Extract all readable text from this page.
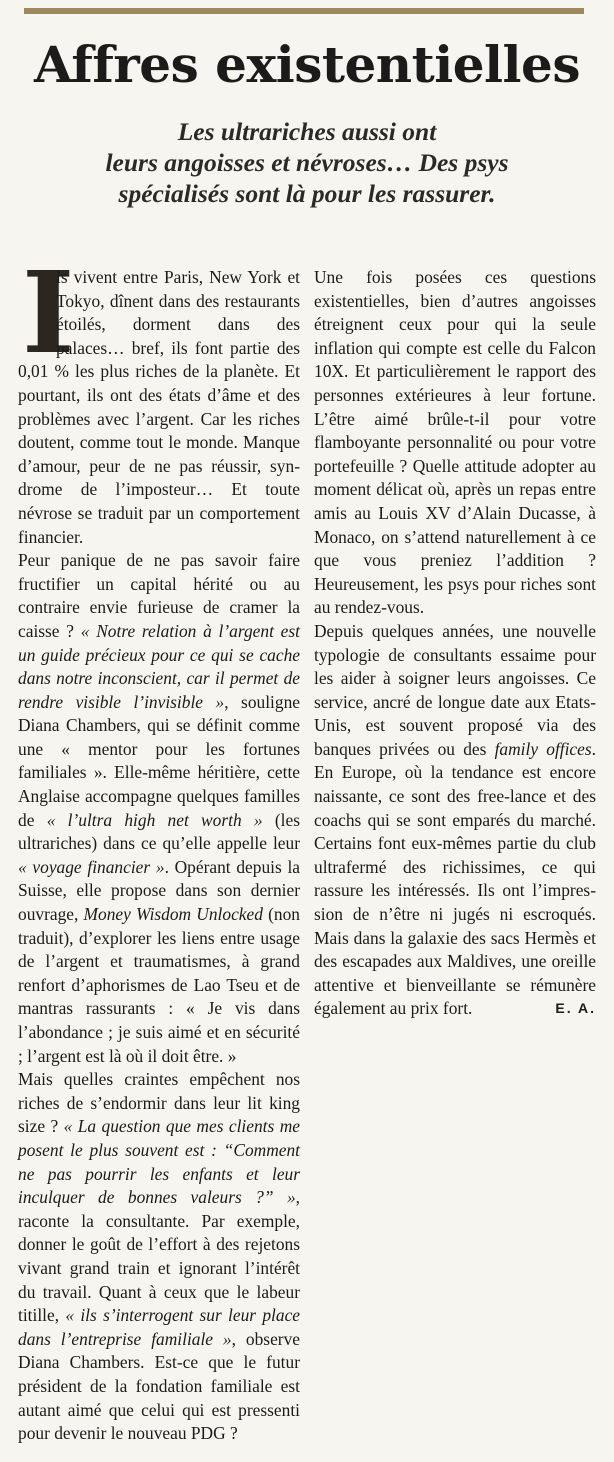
Affres existentielles
Les ultrariches aussi ont
leurs angoisses et névroses… Des psys
spécialisés sont là pour les rassurer.

I
ls vivent entre Paris, New York et Tokyo, dînent dans des restaurants étoilés, dorment dans des palaces… bref, ils font partie des 0,01 % les plus riches de la planète. Et pourtant, ils ont des états d’âme et des problèmes avec l’argent. Car les riches doutent, comme tout le monde. Manque d’amour, peur de ne pas réussir, syndrome de l’imposteur… Et toute névrose se traduit par un comportement financier.

Peur panique de ne pas savoir faire fructifier un capital hérité ou au contraire envie furieuse de cramer la caisse ? « Notre relation à l’argent est un guide précieux pour ce qui se cache dans notre inconscient, car il permet de rendre visible l’invisible », souligne Diana Chambers, qui se définit comme une « mentor pour les fortunes familiales ». Elle-même héritière, cette Anglaise accompagne quelques familles de « l’ultra high net worth » (les ultrariches) dans ce qu’elle appelle leur « voyage financier ». Opérant depuis la Suisse, elle propose dans son dernier ouvrage, Money Wisdom Unlocked (non traduit), d’explorer les liens entre usage de l’argent et traumatismes, à grand renfort d’aphorismes de Lao Tseu et de mantras rassurants : « Je vis dans l’abondance ; je suis aimé et en sécurité ; l’argent est là où il doit être. »

Mais quelles craintes empêchent nos riches de s’endormir dans leur lit king size ? « La question que mes clients me posent le plus souvent est : “Comment ne pas pourrir les enfants et leur inculquer de bonnes valeurs ?” », raconte la consultante. Par exemple, donner le goût de l’effort à des rejetons vivant grand train et ignorant l’intérêt du travail. Quant à ceux que le labeur titille, « ils s’interrogent sur leur place dans l’entreprise familiale », observe Diana Chambers. Est-ce que le futur président de la fondation familiale est autant aimé que celui qui est pressenti pour devenir le nouveau PDG ?

Une fois posées ces questions existentielles, bien d’autres angoisses étreignent ceux pour qui la seule inflation qui compte est celle du Falcon 10X. Et particulièrement le rapport des personnes extérieures à leur fortune. L’être aimé brûle-t-il pour votre flamboyante personnalité ou pour votre portefeuille ? Quelle attitude adopter au moment délicat où, après un repas entre amis au Louis XV d’Alain Ducasse, à Monaco, on s’attend naturellement à ce que vous preniez l’addition ? Heureusement, les psys pour riches sont au rendez-vous.

Depuis quelques années, une nouvelle typologie de consultants essaime pour les aider à soigner leurs angoisses. Ce service, ancré de longue date aux Etats-Unis, est souvent proposé via des banques privées ou des family offices. En Europe, où la tendance est encore naissante, ce sont des free-lance et des coachs qui se sont emparés du marché. Certains font eux-mêmes partie du club ultrafermé des richissimes, ce qui rassure les intéressés. Ils ont l’impression de n’être ni jugés ni escroqués. Mais dans la galaxie des sacs Hermès et des escapades aux Maldives, une oreille attentive et bienveillante se rémunère également au prix fort.	E. A.
